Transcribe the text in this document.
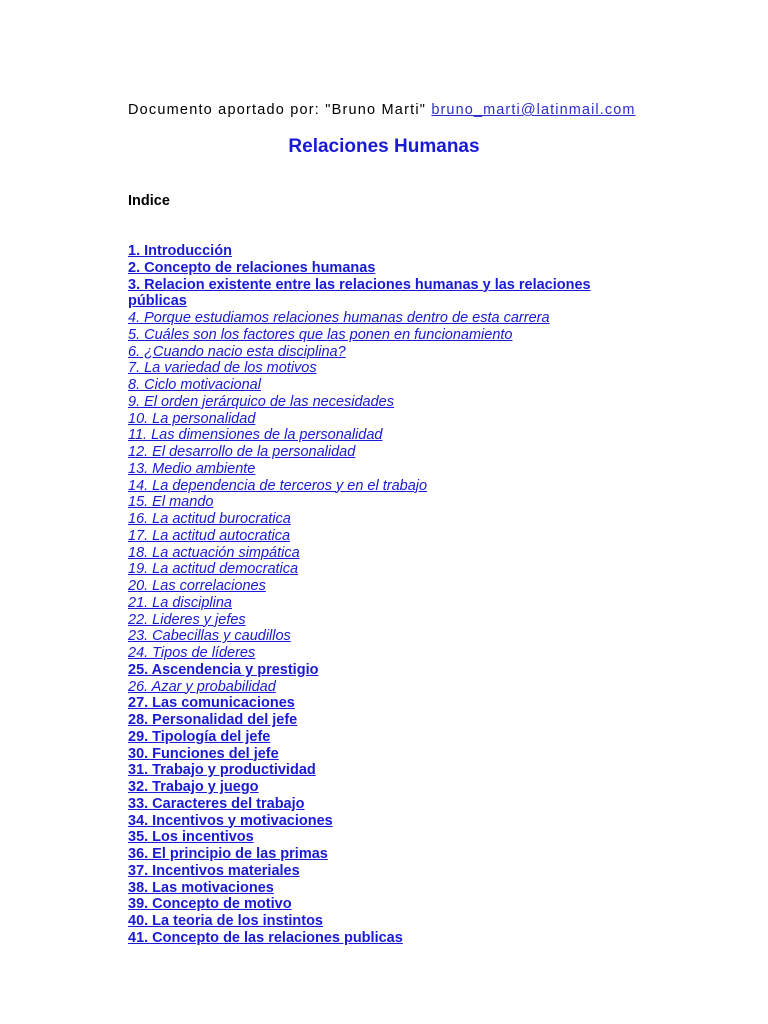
Documento aportado por: "Bruno Marti" bruno_marti@latinmail.com
Relaciones Humanas
Indice
1. Introducción
2. Concepto de relaciones humanas
3. Relacion existente entre las relaciones humanas y las relaciones públicas
4. Porque estudiamos relaciones humanas dentro de esta carrera
5. Cuáles son los factores que las ponen en funcionamiento
6. ¿Cuando nacio esta disciplina?
7. La variedad de los motivos
8. Ciclo motivacional
9. El orden jerárquico de las necesidades
10. La personalidad
11. Las dimensiones de la personalidad
12. El desarrollo de la personalidad
13. Medio ambiente
14. La dependencia de terceros y en el trabajo
15. El mando
16. La actitud burocratica
17. La actitud autocratica
18. La actuación simpática
19. La actitud democratica
20. Las correlaciones
21. La disciplina
22. Lideres y jefes
23. Cabecillas y caudillos
24. Tipos de líderes
25. Ascendencia y prestigio
26. Azar y probabilidad
27. Las comunicaciones
28. Personalidad del jefe
29. Tipología del jefe
30. Funciones del jefe
31. Trabajo y productividad
32. Trabajo y juego
33. Caracteres del trabajo
34. Incentivos y motivaciones
35. Los incentivos
36. El principio de las primas
37. Incentivos materiales
38. Las motivaciones
39. Concepto de motivo
40. La teoria de los instintos
41. Concepto de las relaciones publicas
